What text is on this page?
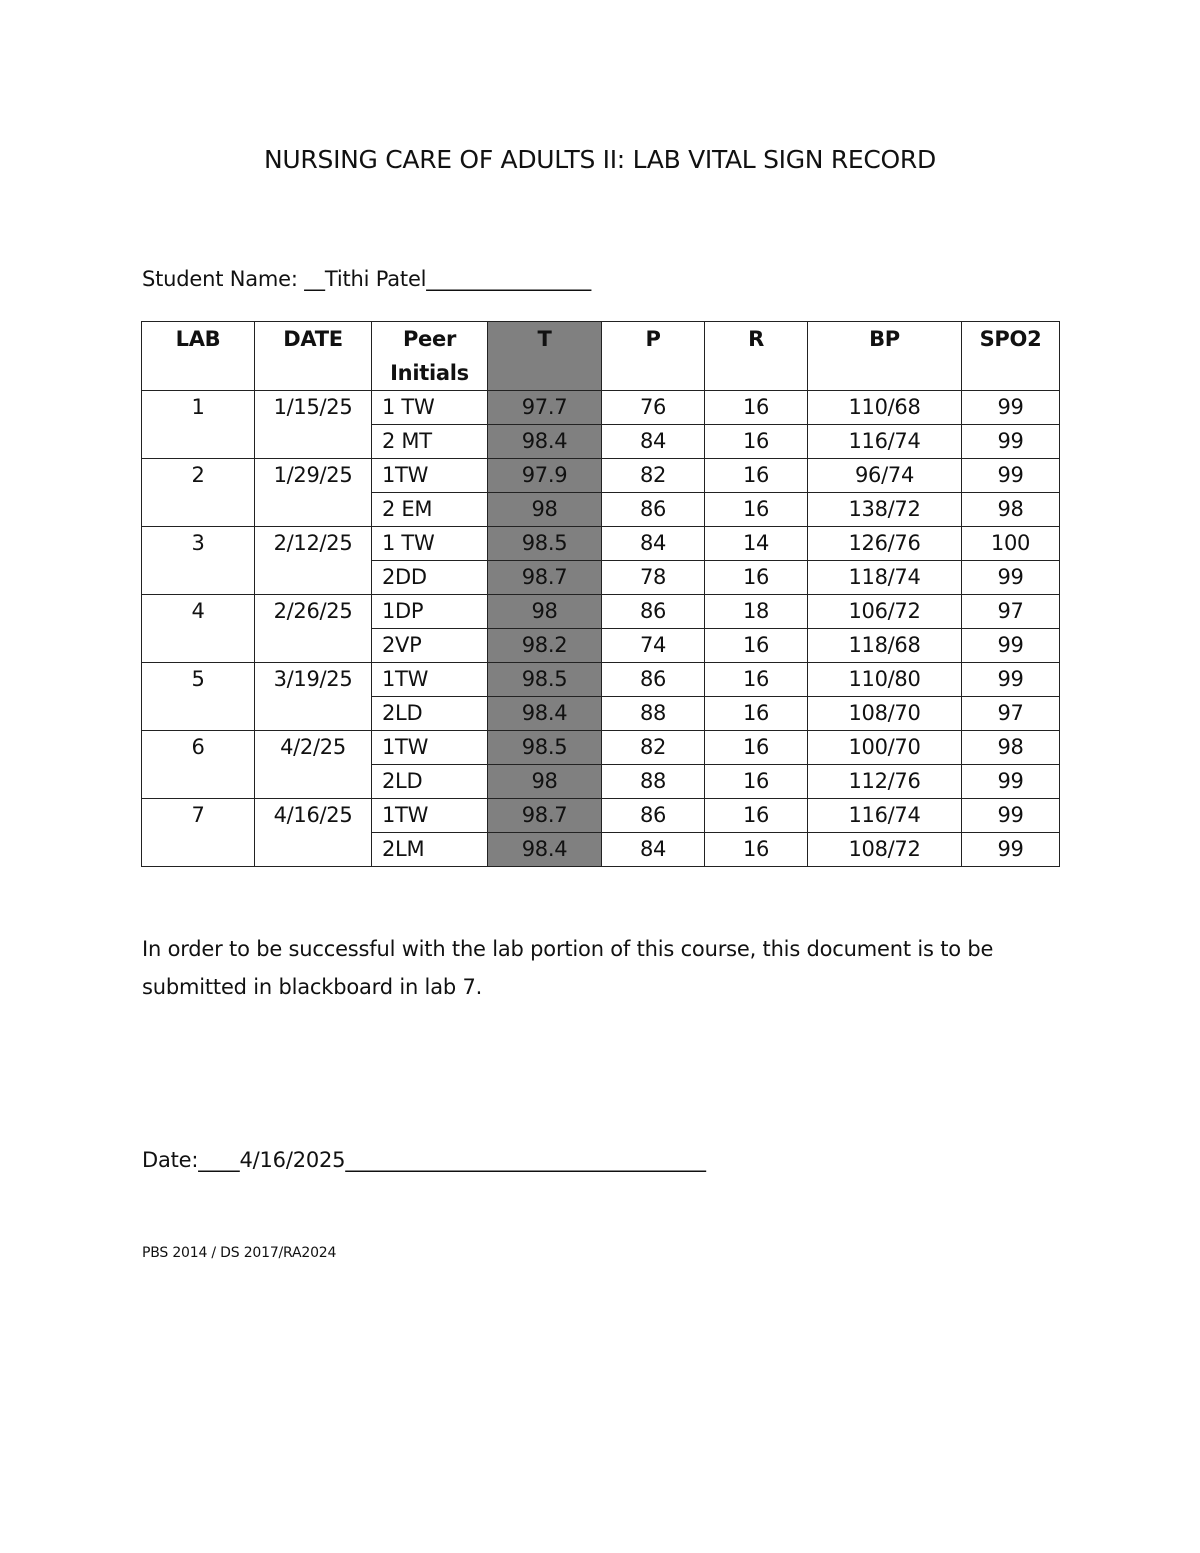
NURSING CARE OF ADULTS II: LAB VITAL SIGN RECORD
Student Name: __Tithi Patel________________
LAB	DATE	Peer Initials	T	P	R	BP	SPO2
1	1/15/25	1 TW	97.7	76	16	110/68	99
		2 MT	98.4	84	16	116/74	99
2	1/29/25	1TW	97.9	82	16	96/74	99
		2 EM	98	86	16	138/72	98
3	2/12/25	1 TW	98.5	84	14	126/76	100
		2DD	98.7	78	16	118/74	99
4	2/26/25	1DP	98	86	18	106/72	97
		2VP	98.2	74	16	118/68	99
5	3/19/25	1TW	98.5	86	16	110/80	99
		2LD	98.4	88	16	108/70	97
6	4/2/25	1TW	98.5	82	16	100/70	98
		2LD	98	88	16	112/76	99
7	4/16/25	1TW	98.7	86	16	116/74	99
		2LM	98.4	84	16	108/72	99
In order to be successful with the lab portion of this course, this document is to be submitted in blackboard in lab 7.
Date:____4/16/2025___________________________________
PBS 2014 / DS 2017/RA2024
